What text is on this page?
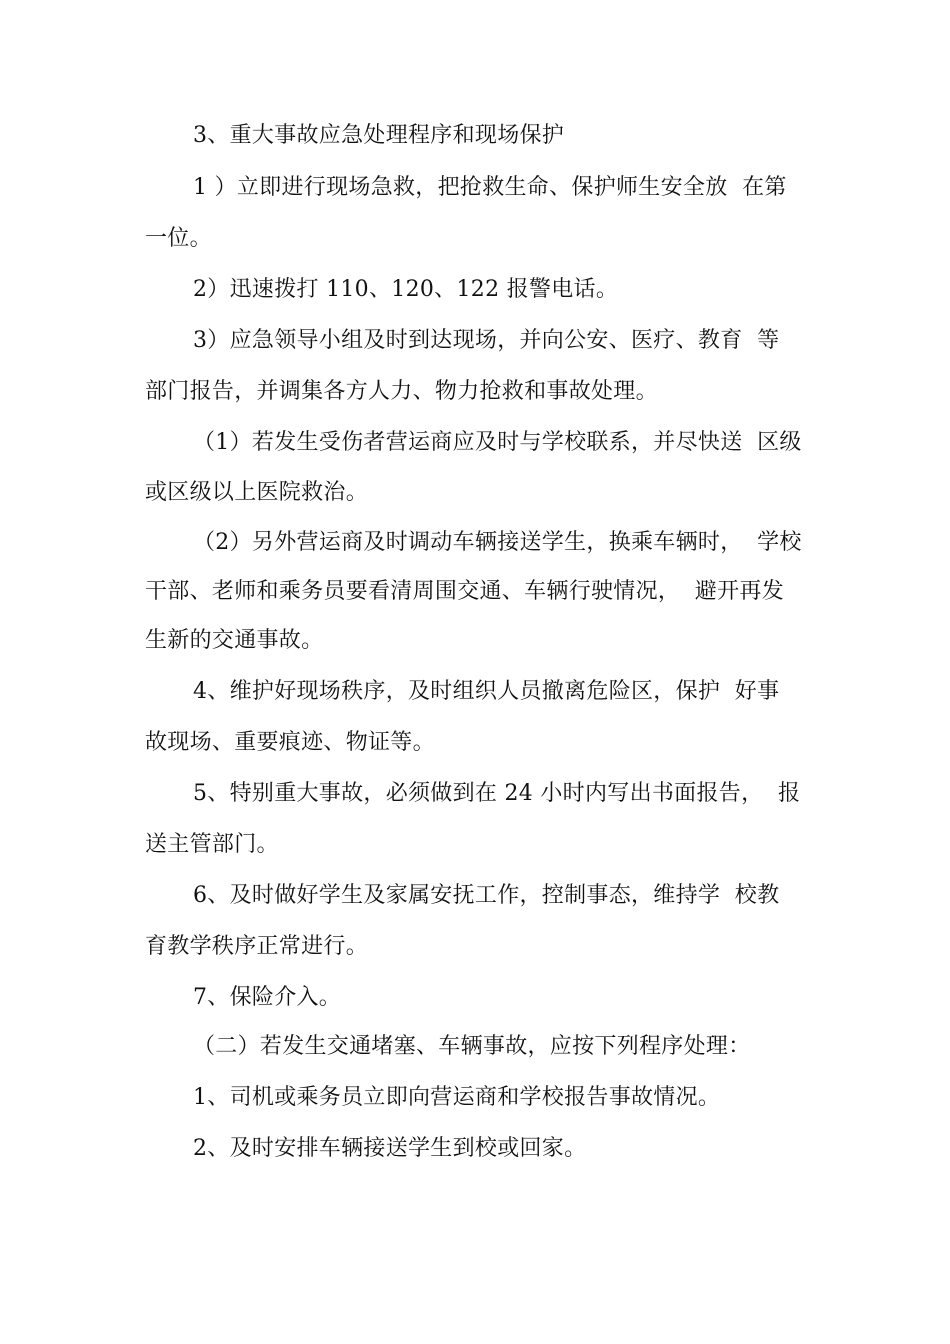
3、重大事故应急处理程序和现场保护
1 ）立即进行现场急救，把抢救生命、保护师生安全放  在第
一位。
2）迅速拨打 110、120、122 报警电话。
3）应急领导小组及时到达现场，并向公安、医疗、教育  等
部门报告，并调集各方人力、物力抢救和事故处理。
（1）若发生受伤者营运商应及时与学校联系，并尽快送  区级
或区级以上医院救治。
（2）另外营运商及时调动车辆接送学生，换乘车辆时，  学校
干部、老师和乘务员要看清周围交通、车辆行驶情况，  避开再发
生新的交通事故。
4、维护好现场秩序，及时组织人员撤离危险区，保护  好事
故现场、重要痕迹、物证等。
5、特别重大事故，必须做到在 24 小时内写出书面报告，  报
送主管部门。
6、及时做好学生及家属安抚工作，控制事态，维持学  校教
育教学秩序正常进行。
7、保险介入。
（二）若发生交通堵塞、车辆事故，应按下列程序处理：
1、司机或乘务员立即向营运商和学校报告事故情况。
2、及时安排车辆接送学生到校或回家。
